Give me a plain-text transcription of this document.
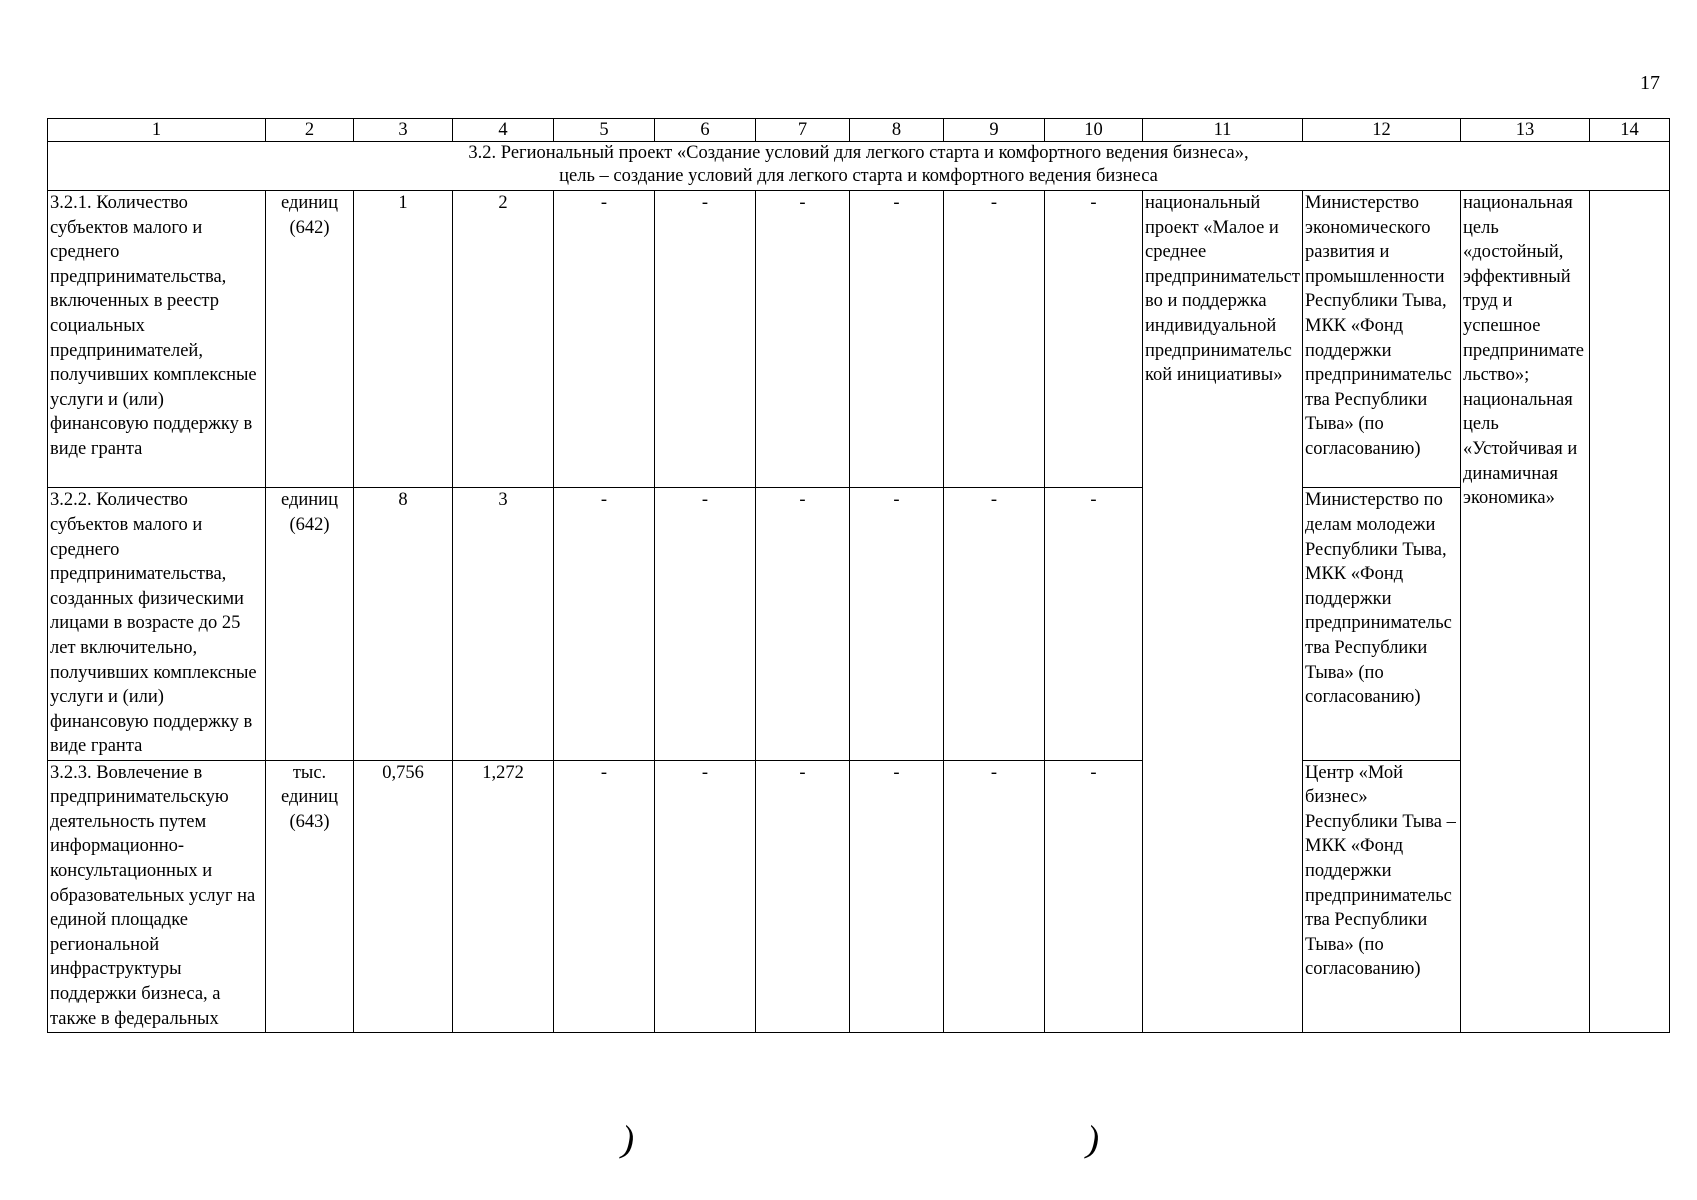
17
1	2	3	4	5	6	7	8	9	10	11	12	13	14

3.2. Региональный проект «Создание условий для легкого старта и комфортного ведения бизнеса»,
цель – создание условий для легкого старта и комфортного ведения бизнеса													

3.2.1. Количество субъектов малого и среднего предпринимательства, включенных в реестр социальных предпринимателей, получивших комплексные услуги и (или) финансовую поддержку в виде гранта	единиц (642)	1	2	-	-	-	-	-	-	национальный проект «Малое и среднее предпринимательство и поддержка индивидуальной предпринимательской инициативы»	Министерство экономического развития и промышленности Республики Тыва, МКК «Фонд поддержки предпринимательства Республики Тыва» (по согласованию)	национальная цель «достойный, эффективный труд и успешное предпринимательство»; национальная цель «Устойчивая и динамичная экономика»	
3.2.2. Количество субъектов малого и среднего предпринимательства, созданных физическими лицами в возрасте до 25 лет включительно, получивших комплексные услуги и (или) финансовую поддержку в виде гранта	единиц (642)	8	3	-	-	-	-	-	-		Министерство по делам молодежи Республики Тыва, МКК «Фонд поддержки предпринимательства Республики Тыва» (по согласованию)		
3.2.3. Вовлечение в предпринимательскую деятельность путем информационно-консультационных и образовательных услуг на единой площадке региональной инфраструктуры поддержки бизнеса, а также в федеральных	тыс. единиц (643)	0,756	1,272	-	-	-	-	-	-		Центр «Мой бизнес» Республики Тыва – МКК «Фонд поддержки предпринимательства Республики Тыва» (по согласованию)		
)	)
